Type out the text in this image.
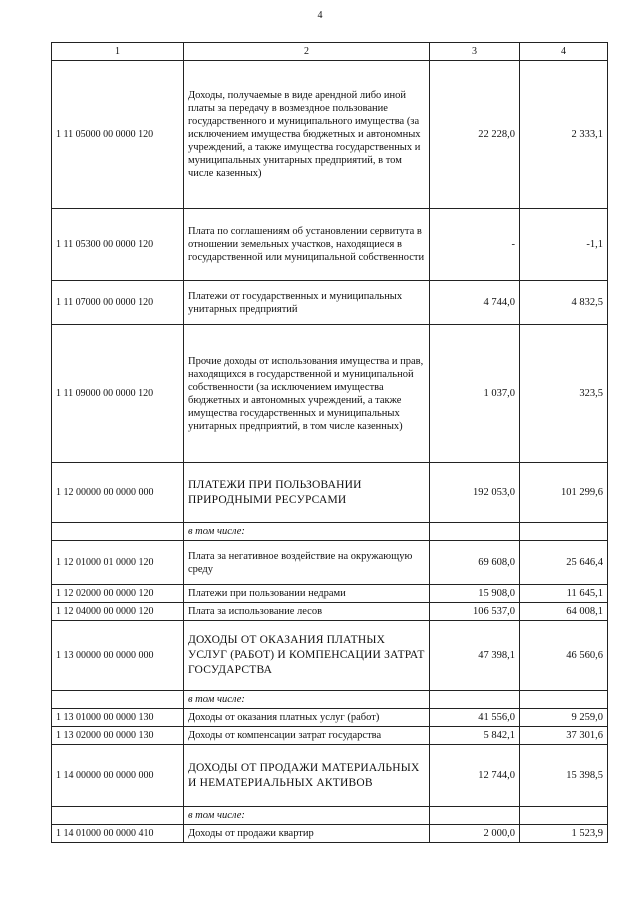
4
1	2	3	4
1 11 05000 00 0000 120	Доходы, получаемые в виде арендной либо иной платы за передачу в возмездное пользование государственного и муниципального имущества (за исключением имущества бюджетных и автономных учреждений, а также имущества государственных и муниципальных унитарных предприятий, в том числе казенных)	22 228,0	2 333,1
1 11 05300 00 0000 120	Плата по соглашениям об установлении сервитута в отношении земельных участков, находящиеся в государственной или муниципальной собственности	-	-1,1
1 11 07000 00 0000 120	Платежи от государственных и муниципальных унитарных предприятий	4 744,0	4 832,5
1 11 09000 00 0000 120	Прочие доходы от использования имущества и прав, находящихся в государственной и муниципальной собственности (за исключением имущества бюджетных и автономных учреждений, а также имущества государственных и муниципальных унитарных предприятий, в том числе казенных)	1 037,0	323,5
1 12 00000 00 0000 000	ПЛАТЕЖИ ПРИ ПОЛЬЗОВАНИИ ПРИРОДНЫМИ РЕСУРСАМИ	192 053,0	101 299,6
	в том числе:		
1 12 01000 01 0000 120	Плата за негативное воздействие на окружающую среду	69 608,0	25 646,4
1 12 02000 00 0000 120	Платежи при пользовании недрами	15 908,0	11 645,1
1 12 04000 00 0000 120	Плата за использование лесов	106 537,0	64 008,1
1 13 00000 00 0000 000	ДОХОДЫ ОТ ОКАЗАНИЯ ПЛАТНЫХ УСЛУГ (РАБОТ) И КОМПЕНСАЦИИ ЗАТРАТ ГОСУДАРСТВА	47 398,1	46 560,6
	в том числе:		
1 13 01000 00 0000 130	Доходы от оказания платных услуг (работ)	41 556,0	9 259,0
1 13 02000 00 0000 130	Доходы от компенсации затрат государства	5 842,1	37 301,6
1 14 00000 00 0000 000	ДОХОДЫ ОТ ПРОДАЖИ МАТЕРИАЛЬНЫХ И НЕМАТЕРИАЛЬНЫХ АКТИВОВ	12 744,0	15 398,5
	в том числе:		
1 14 01000 00 0000 410	Доходы от продажи квартир	2 000,0	1 523,9
